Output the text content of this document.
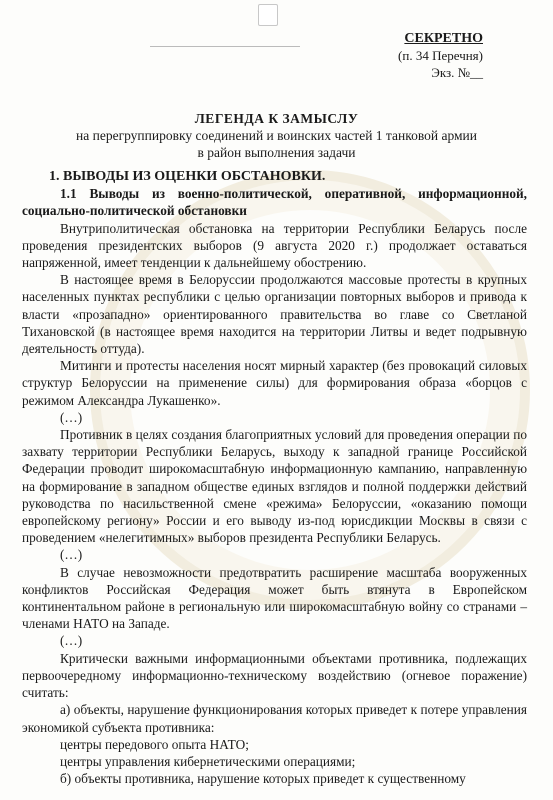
СЕКРЕТНО
(п. 34 Перечня)
Экз. №__
ЛЕГЕНДА К ЗАМЫСЛУ
на перегруппировку соединений и воинских частей 1 танковой армии
в район выполнения задачи
1. ВЫВОДЫ ИЗ ОЦЕНКИ ОБСТАНОВКИ.
1.1 Выводы из военно-политической, оперативной, информационной, социально-политической обстановки

Внутриполитическая обстановка на территории Республики Беларусь после проведения президентских выборов (9 августа 2020 г.) продолжает оставаться напряженной, имеет тенденции к дальнейшему обострению.

В настоящее время в Белоруссии продолжаются массовые протесты в крупных населенных пунктах республики с целью организации повторных выборов и привода к власти «прозападно» ориентированного правительства во главе со Светланой Тихановской (в настоящее время находится на территории Литвы и ведет подрывную деятельность оттуда).

Митинги и протесты населения носят мирный характер (без провокаций силовых структур Белоруссии на применение силы) для формирования образа «борцов с режимом Александра Лукашенко».

(…)

Противник в целях создания благоприятных условий для проведения операции по захвату территории Республики Беларусь, выходу к западной границе Российской Федерации проводит широкомасштабную информационную кампанию, направленную на формирование в западном обществе единых взглядов и полной поддержки действий руководства по насильственной смене «режима» Белоруссии, «оказанию помощи европейскому региону» России и его выводу из-под юрисдикции Москвы в связи с проведением «нелегитимных» выборов президента Республики Беларусь.

(…)

В случае невозможности предотвратить расширение масштаба вооруженных конфликтов Российская Федерация может быть втянута в Европейском континентальном районе в региональную или широкомасштабную войну со странами – членами НАТО на Западе.

(…)

Критически важными информационными объектами противника, подлежащих первоочередному информационно-техническому воздействию (огневое поражение) считать:

а) объекты, нарушение функционирования которых приведет к потере управления экономикой субъекта противника:

центры передового опыта НАТО;

центры управления кибернетическими операциями;

б) объекты противника, нарушение которых приведет к существенному
